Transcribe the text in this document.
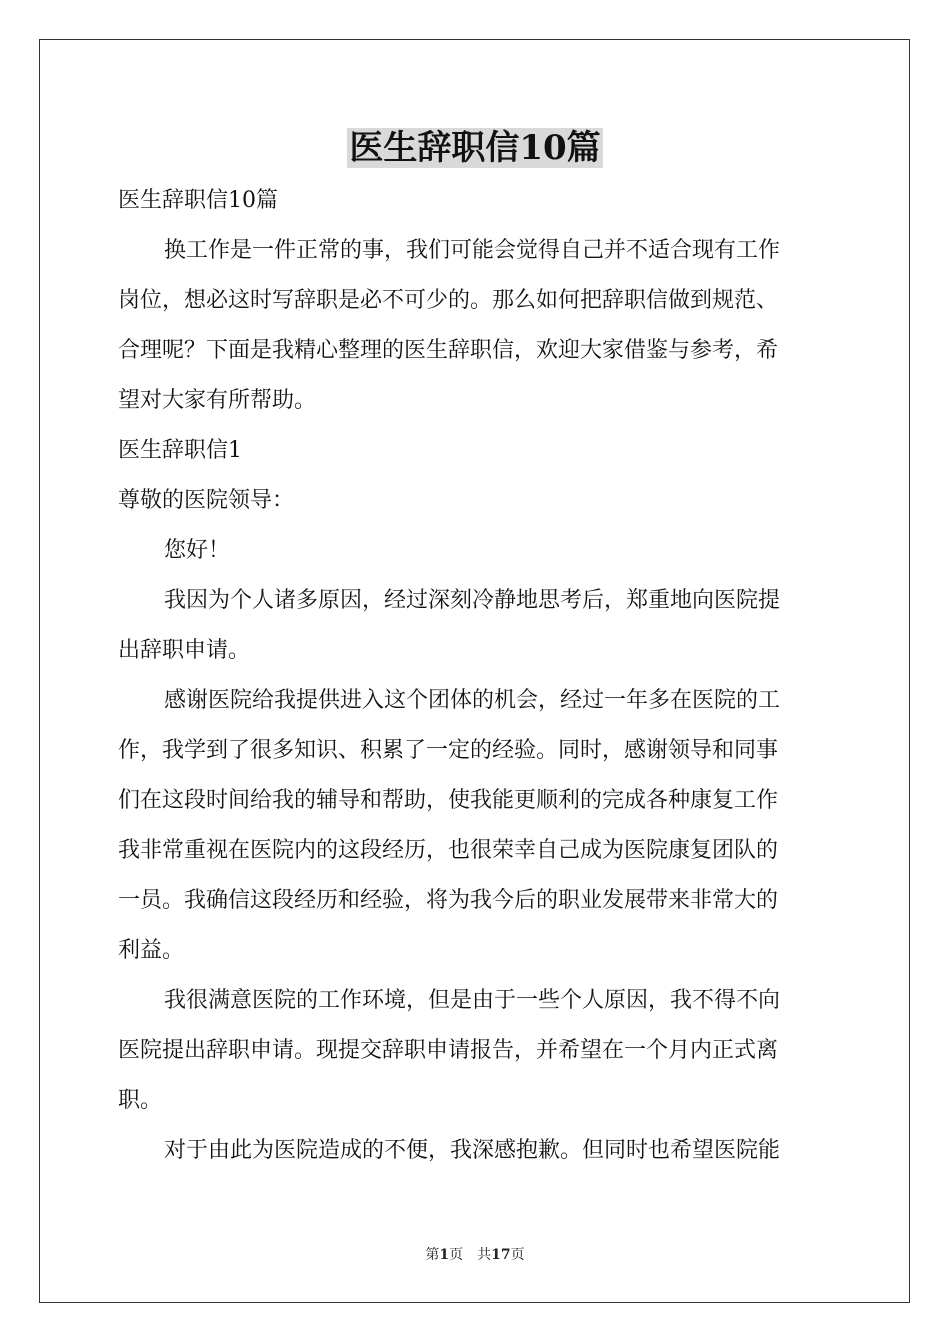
医生辞职信10篇

医生辞职信10篇

换工作是一件正常的事，我们可能会觉得自己并不适合现有工作

岗位，想必这时写辞职是必不可少的。那么如何把辞职信做到规范、

合理呢？下面是我精心整理的医生辞职信，欢迎大家借鉴与参考，希

望对大家有所帮助。

医生辞职信1

尊敬的医院领导：

您好！

我因为个人诸多原因，经过深刻冷静地思考后，郑重地向医院提

出辞职申请。

感谢医院给我提供进入这个团体的机会，经过一年多在医院的工

作，我学到了很多知识、积累了一定的经验。同时，感谢领导和同事

们在这段时间给我的辅导和帮助，使我能更顺利的完成各种康复工作

我非常重视在医院内的这段经历，也很荣幸自己成为医院康复团队的

一员。我确信这段经历和经验，将为我今后的职业发展带来非常大的

利益。

我很满意医院的工作环境，但是由于一些个人原因，我不得不向

医院提出辞职申请。现提交辞职申请报告，并希望在一个月内正式离

职。

对于由此为医院造成的不便，我深感抱歉。但同时也希望医院能

第1页 共17页
